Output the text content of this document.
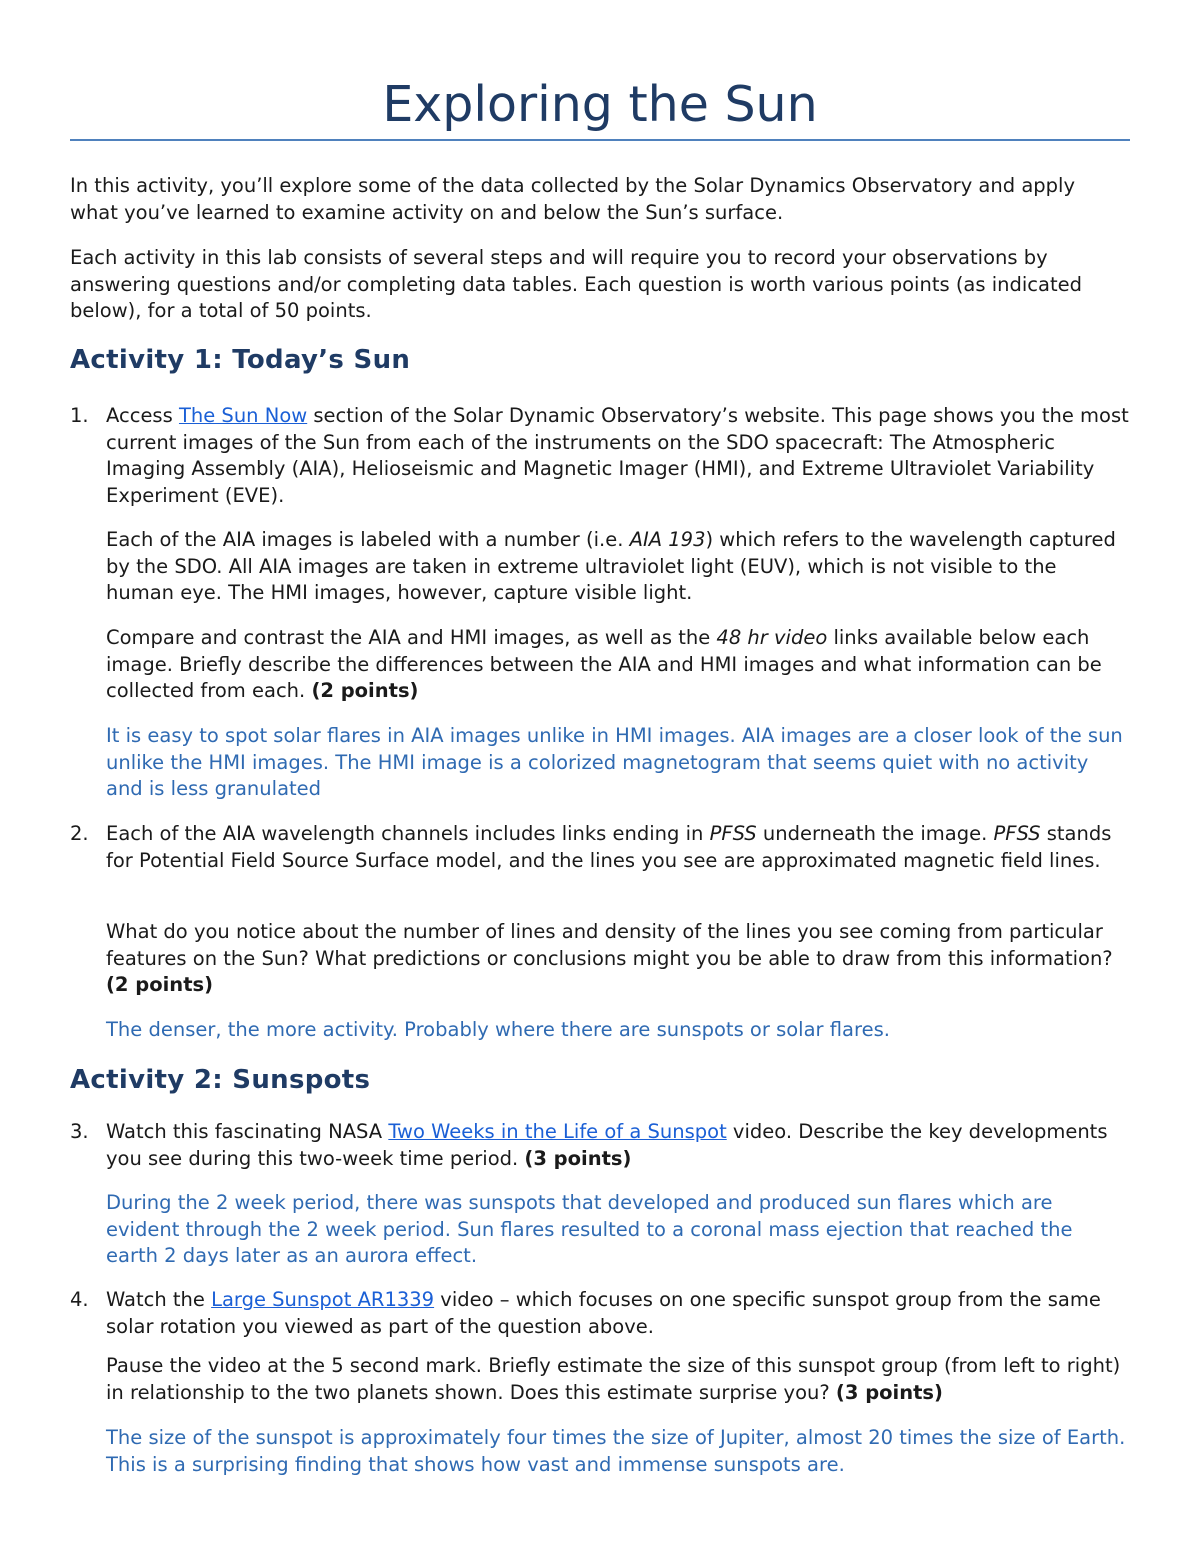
Exploring the Sun

In this activity, you’ll explore some of the data collected by the Solar Dynamics Observatory and apply what you’ve learned to examine activity on and below the Sun’s surface.

Each activity in this lab consists of several steps and will require you to record your observations by answering questions and/or completing data tables. Each question is worth various points (as indicated below), for a total of 50 points.

Activity 1: Today’s Sun
1. Access The Sun Now section of the Solar Dynamic Observatory’s website. This page shows you the most current images of the Sun from each of the instruments on the SDO spacecraft: The Atmospheric Imaging Assembly (AIA), Helioseismic and Magnetic Imager (HMI), and Extreme Ultraviolet Variability Experiment (EVE).

Each of the AIA images is labeled with a number (i.e. AIA 193) which refers to the wavelength captured by the SDO. All AIA images are taken in extreme ultraviolet light (EUV), which is not visible to the human eye. The HMI images, however, capture visible light.

Compare and contrast the AIA and HMI images, as well as the 48 hr video links available below each image. Briefly describe the differences between the AIA and HMI images and what information can be collected from each. (2 points)

It is easy to spot solar flares in AIA images unlike in HMI images. AIA images are a closer look of the sun unlike the HMI images. The HMI image is a colorized magnetogram that seems quiet with no activity and is less granulated

2. Each of the AIA wavelength channels includes links ending in PFSS underneath the image. PFSS stands for Potential Field Source Surface model, and the lines you see are approximated magnetic field lines.

What do you notice about the number of lines and density of the lines you see coming from particular features on the Sun? What predictions or conclusions might you be able to draw from this information? (2 points)

The denser, the more activity. Probably where there are sunspots or solar flares.

Activity 2: Sunspots
3. Watch this fascinating NASA Two Weeks in the Life of a Sunspot video. Describe the key developments you see during this two-week time period. (3 points)

During the 2 week period, there was sunspots that developed and produced sun flares which are evident through the 2 week period. Sun flares resulted to a coronal mass ejection that reached the earth 2 days later as an aurora effect.

4. Watch the Large Sunspot AR1339 video – which focuses on one specific sunspot group from the same solar rotation you viewed as part of the question above.

Pause the video at the 5 second mark. Briefly estimate the size of this sunspot group (from left to right) in relationship to the two planets shown. Does this estimate surprise you? (3 points)

The size of the sunspot is approximately four times the size of Jupiter, almost 20 times the size of Earth. This is a surprising finding that shows how vast and immense sunspots are.
